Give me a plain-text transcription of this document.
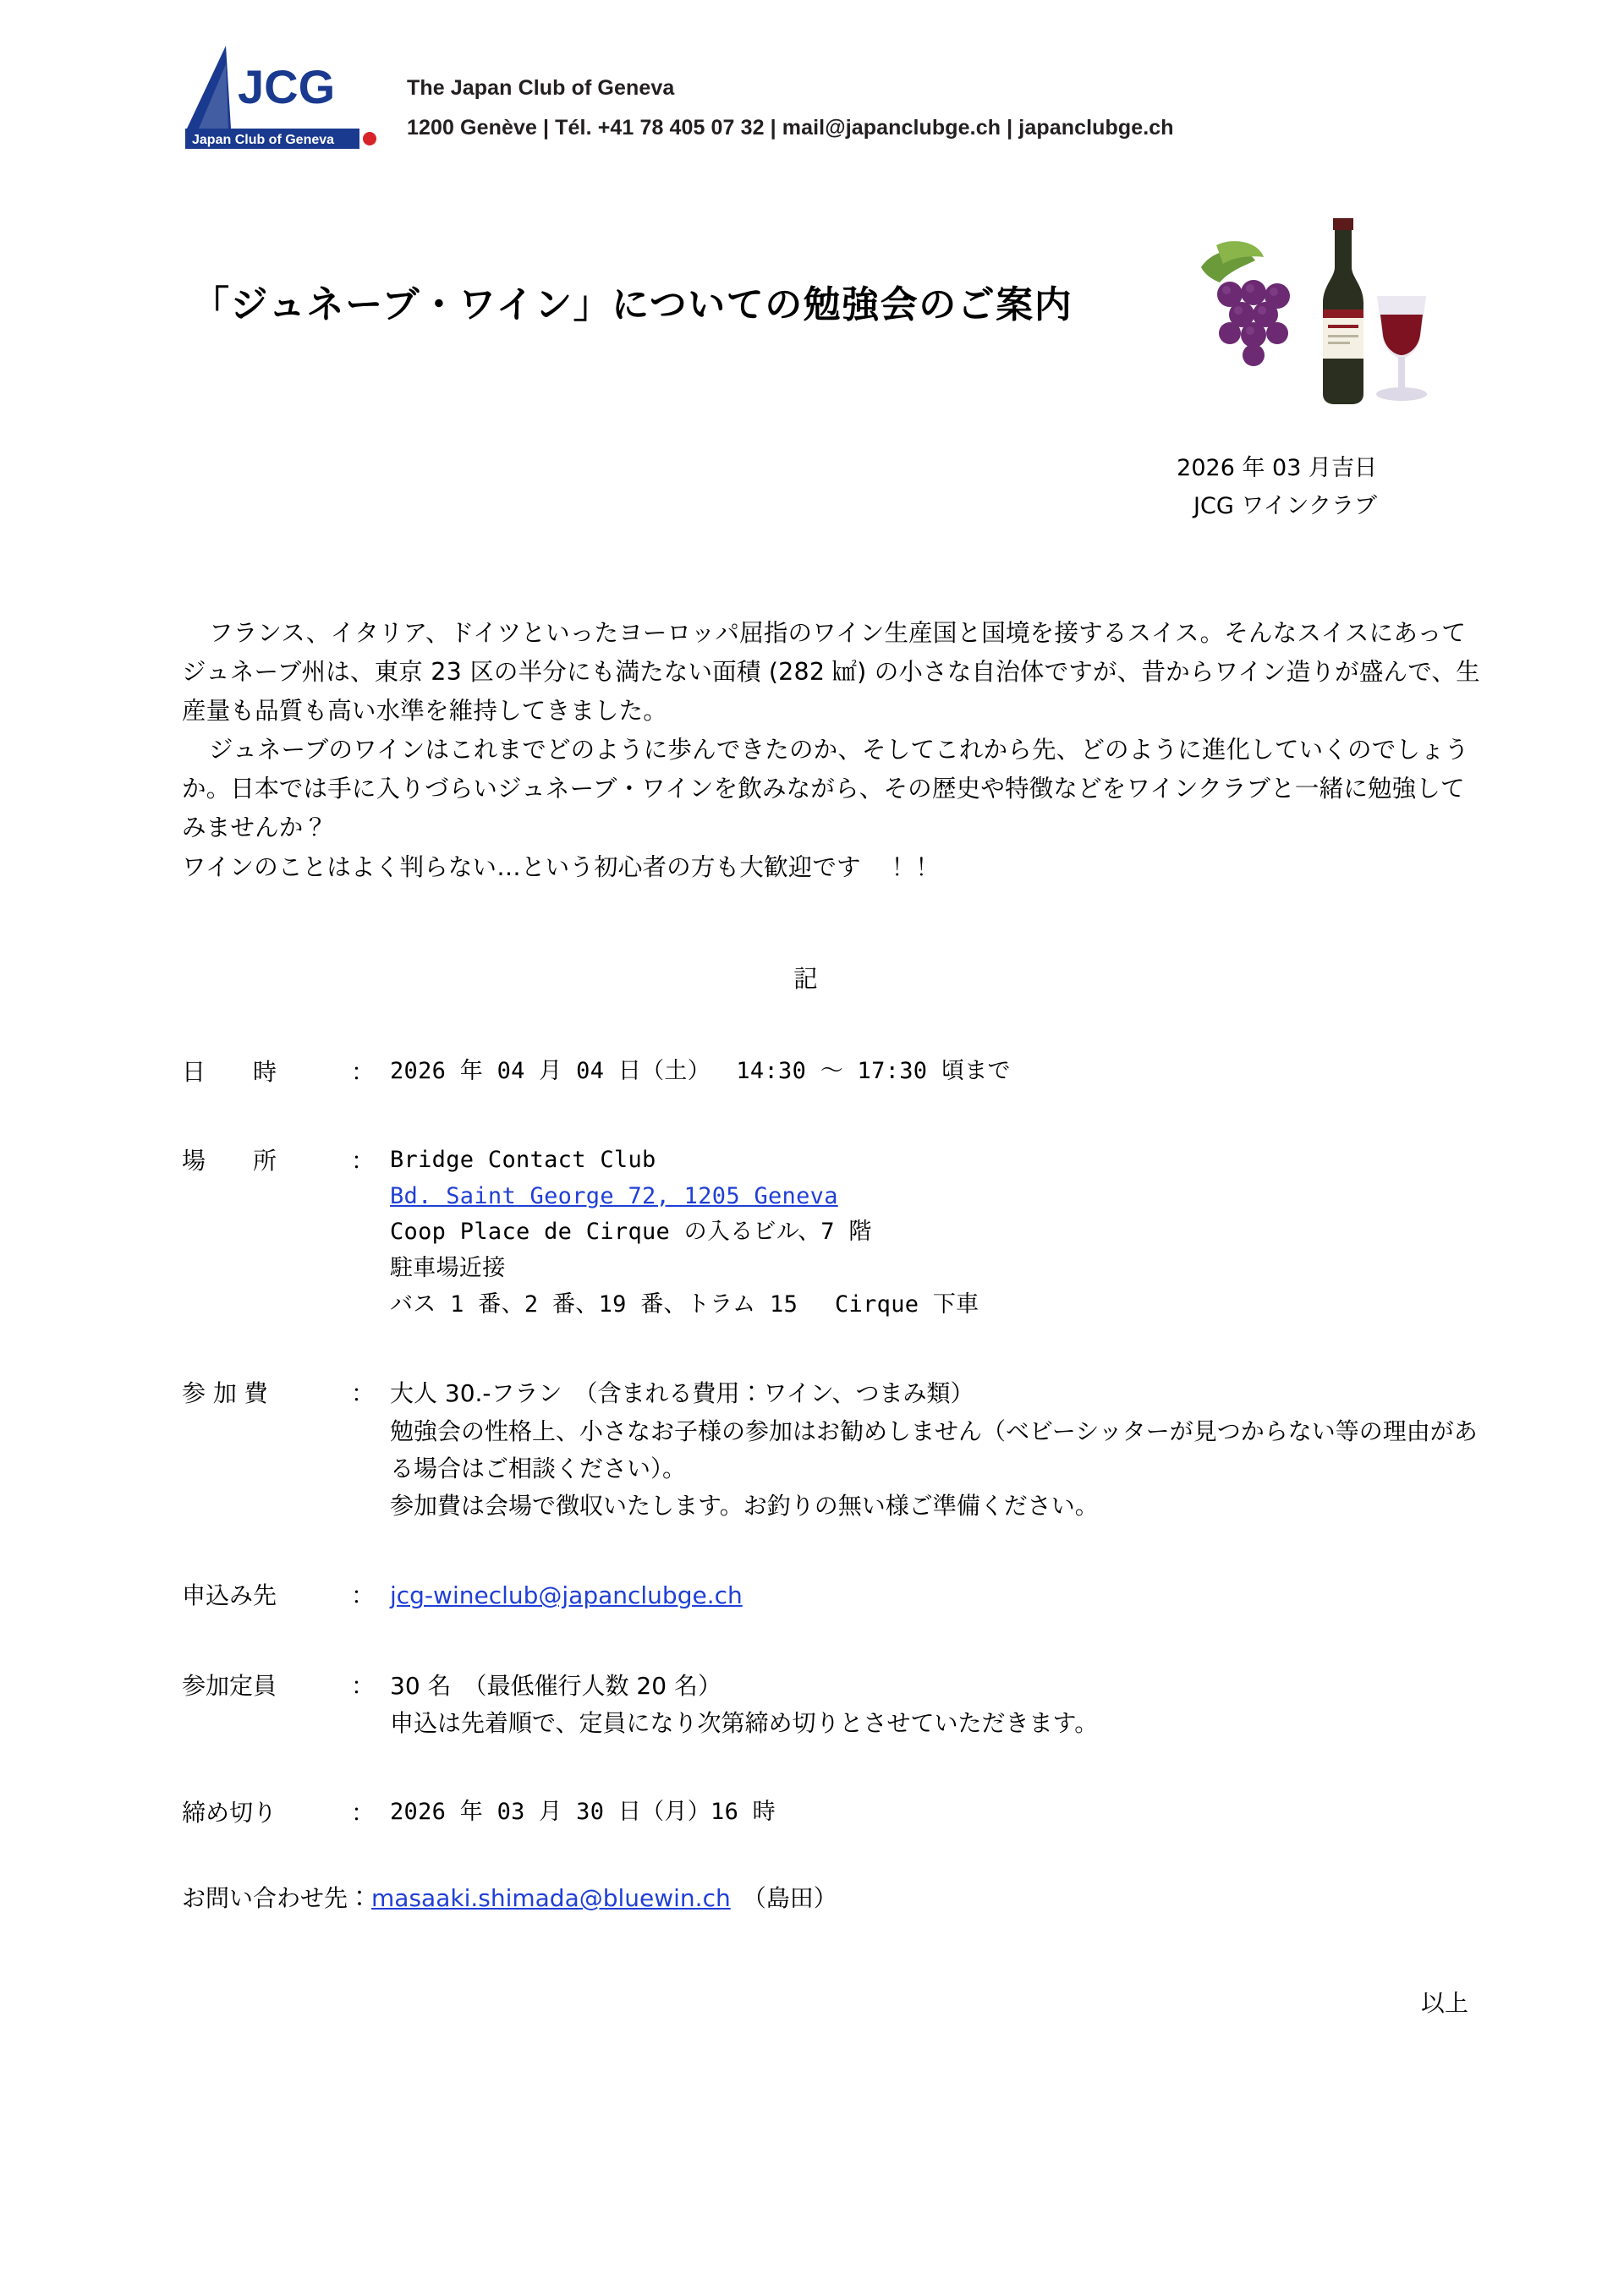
JCG
Japan Club of Geneva
The Japan Club of Geneva
1200 Genève | Tél. +41 78 405 07 32 | mail@japanclubge.ch | japanclubge.ch
「ジュネーブ・ワイン」についての勉強会のご案内
2026 年 03 月吉日
JCG ワインクラブ

フランス、イタリア、ドイツといったヨーロッパ屈指のワイン生産国と国境を接するスイス。そんなスイスにあってジュネーブ州は、東京 23 区の半分にも満たない面積 (282 ㎢) の小さな自治体ですが、昔からワイン造りが盛んで、生産量も品質も高い水準を維持してきました。

ジュネーブのワインはこれまでどのように歩んできたのか、そしてこれから先、どのように進化していくのでしょうか。日本では手に入りづらいジュネーブ・ワインを飲みながら、その歴史や特徴などをワインクラブと一緒に勉強してみませんか？

ワインのことはよく判らない…という初心者の方も大歓迎です　！！

記
日　　時	： 2026 年 04 月 04 日（土）　 14:30 ～ 17:30 頃まで
場　　所	： Bridge Contact Club
Bd. Saint George 72, 1205 Geneva
Coop Place de Cirque の入るビル、7 階
駐車場近接
バス 1 番、2 番、19 番、トラム 15　 Cirque 下車
参 加 費	： 大人 30.-フラン　（含まれる費用：ワイン、つまみ類）
勉強会の性格上、小さなお子様の参加はお勧めしません（ベビーシッターが見つからない等の理由がある場合はご相談ください）。
参加費は会場で徴収いたします。お釣りの無い様ご準備ください。
申込み先	： jcg-wineclub@japanclubge.ch
参加定員	： 30 名　（最低催行人数 20 名）
申込は先着順で、定員になり次第締め切りとさせていただきます。
締め切り	： 2026 年 03 月 30 日（月）16 時
お問い合わせ先：masaaki.shimada@bluewin.ch　（島田）
以上
